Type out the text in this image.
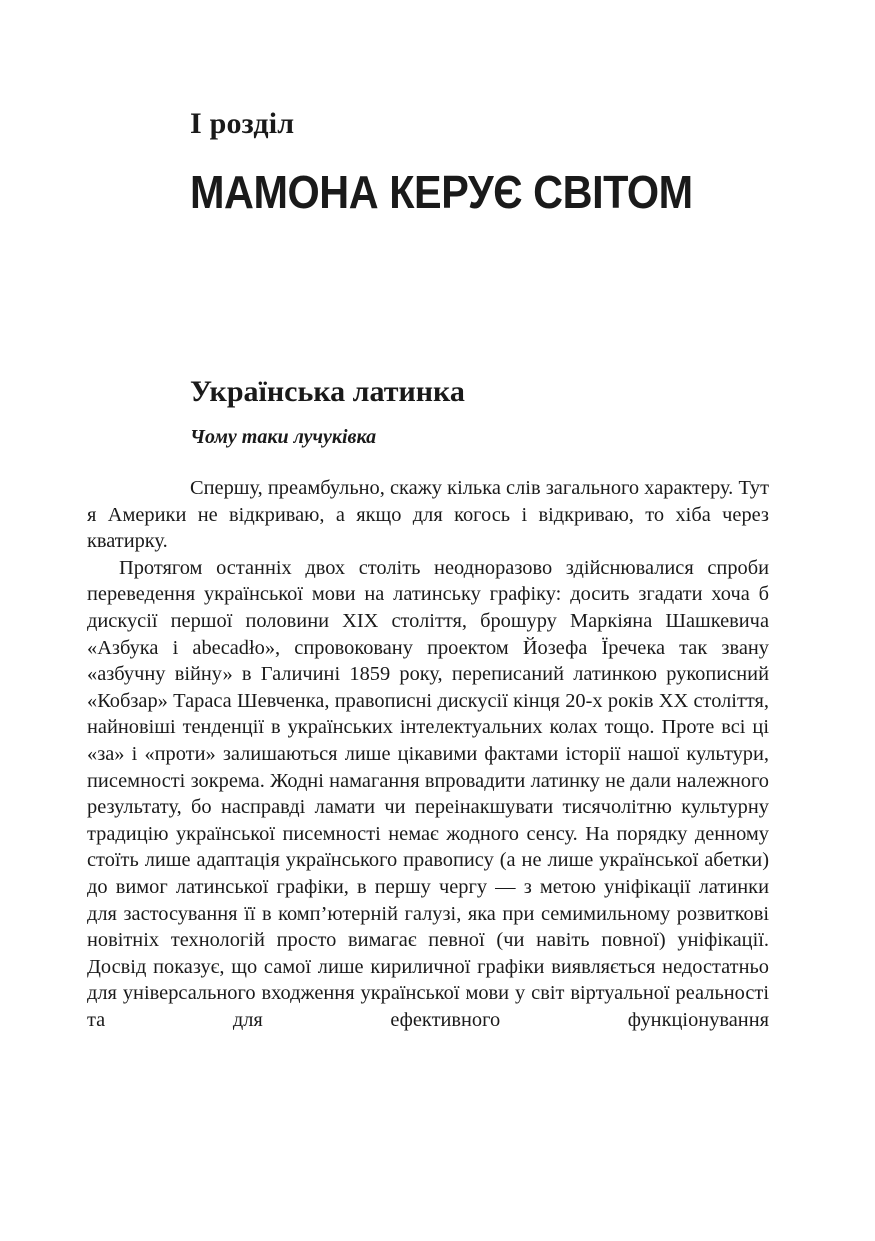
І розділ
МАМОНА КЕРУЄ СВІТОМ
Українська латинка

Чому таки лучуківка

Спершу, преамбульно, скажу кілька слів загального характеру. Тут я Америки не відкриваю, а якщо для когось і відкриваю, то хіба через кватирку.

Протягом останніх двох століть неодноразово здійснювалися спроби переведення української мови на латинську графіку: досить згадати хоча б дискусії першої половини XIX століття, брошуру Маркіяна Шашкевича «Азбука і abecadło», спровоковану проектом Йозефа Їречека так звану «азбучну війну» в Галичині 1859 року, переписаний латинкою рукописний «Кобзар» Тараса Шевченка, правописні дискусії кінця 20-х років XX століття, найновіші тенденції в українських інтелектуальних колах тощо. Проте всі ці «за» і «проти» залишаються лише цікавими фактами історії нашої культури, писемності зокрема. Жодні намагання впровадити латинку не дали належного результату, бо насправді ламати чи переінакшувати тисячолітню культурну традицію української писемності немає жодного сенсу. На порядку денному стоїть лише адаптація українського правопису (а не лише української абетки) до вимог латинської графіки, в першу чергу — з метою уніфікації латинки для застосування її в комп’ютерній галузі, яка при семимильному розвиткові новітніх технологій просто вимагає певної (чи навіть повної) уніфікації. Досвід показує, що самої лише кириличної графіки виявляється недостатньо для універсального входження української мови у світ віртуальної реальності та для ефективного функціонування
